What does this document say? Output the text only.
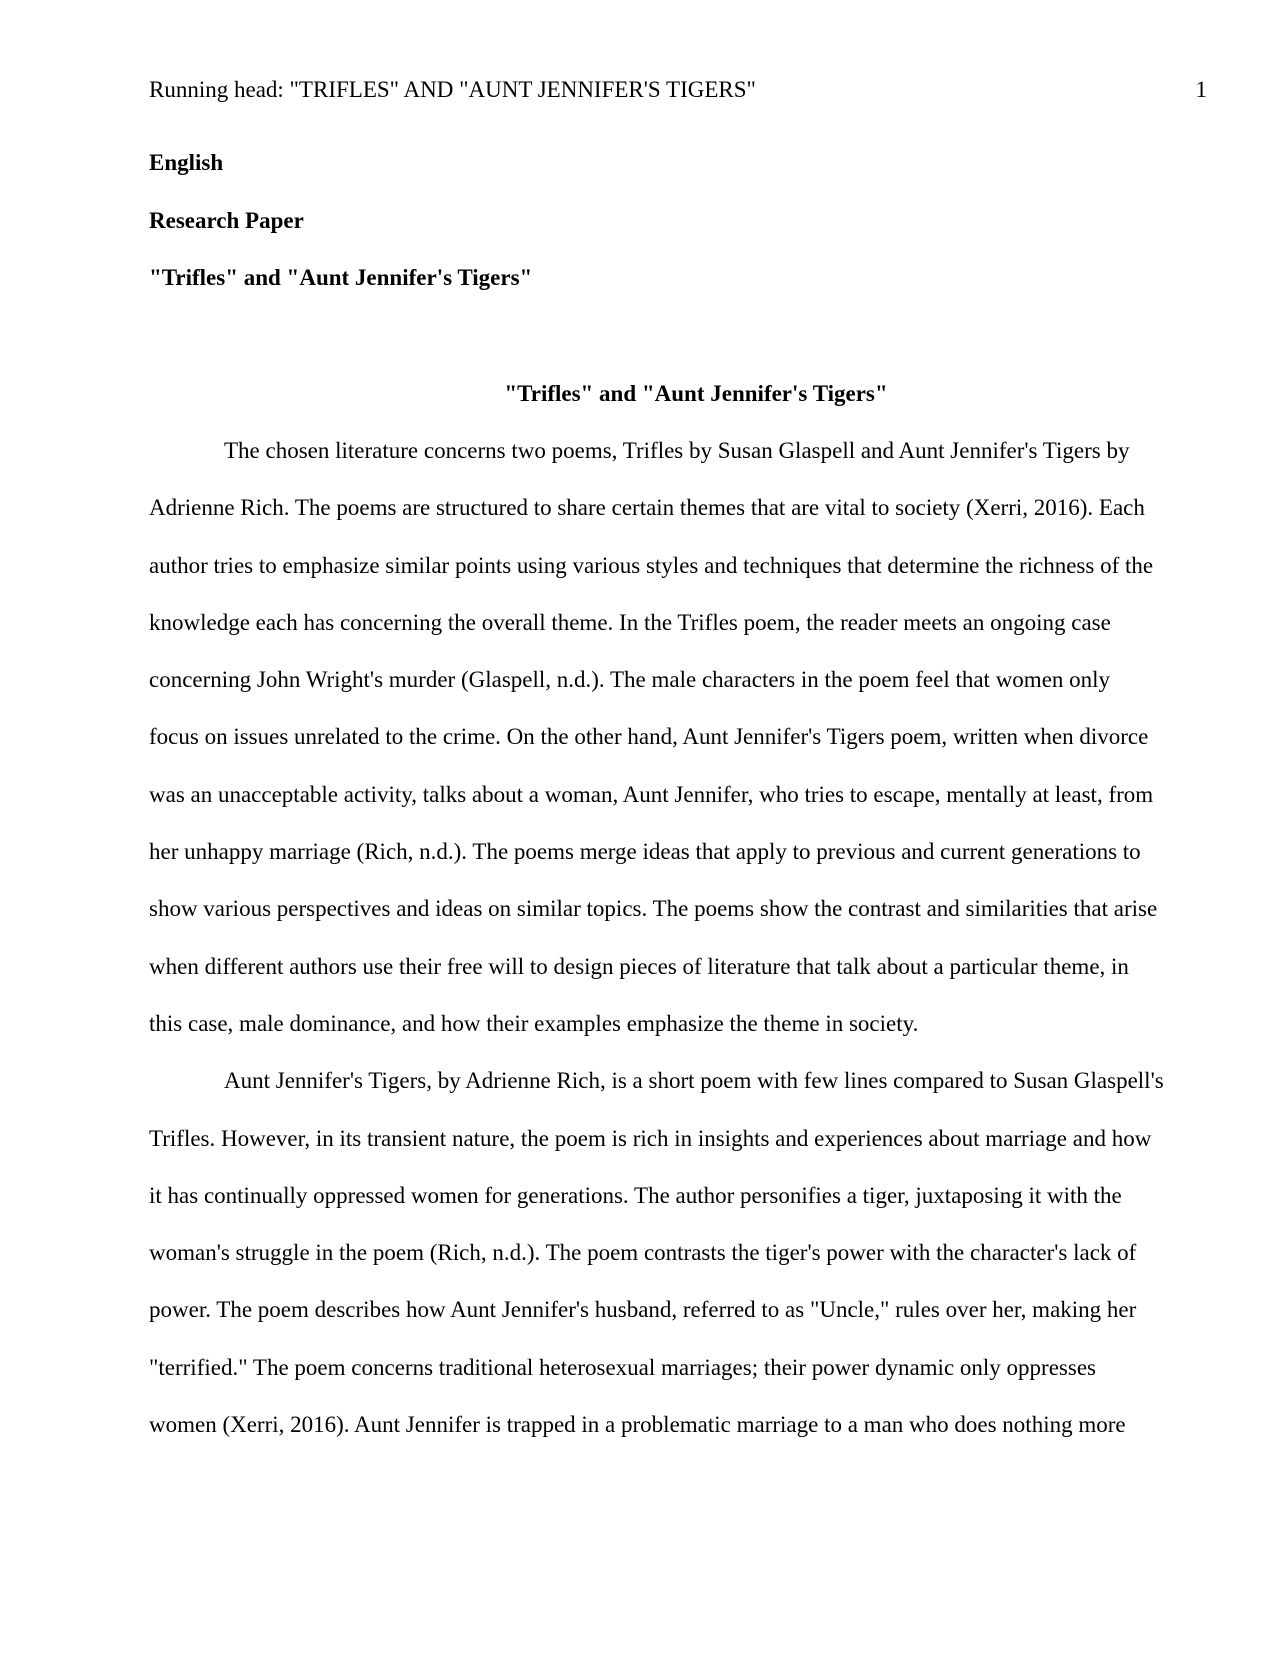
Running head: "TRIFLES" AND "AUNT JENNIFER'S TIGERS"	1
English
Research Paper
"Trifles" and "Aunt Jennifer's Tigers"
"Trifles" and "Aunt Jennifer's Tigers"
The chosen literature concerns two poems, Trifles by Susan Glaspell and Aunt Jennifer's Tigers by
Adrienne Rich. The poems are structured to share certain themes that are vital to society (Xerri, 2016). Each
author tries to emphasize similar points using various styles and techniques that determine the richness of the
knowledge each has concerning the overall theme. In the Trifles poem, the reader meets an ongoing case
concerning John Wright's murder (Glaspell, n.d.). The male characters in the poem feel that women only
focus on issues unrelated to the crime. On the other hand, Aunt Jennifer's Tigers poem, written when divorce
was an unacceptable activity, talks about a woman, Aunt Jennifer, who tries to escape, mentally at least, from
her unhappy marriage (Rich, n.d.). The poems merge ideas that apply to previous and current generations to
show various perspectives and ideas on similar topics. The poems show the contrast and similarities that arise
when different authors use their free will to design pieces of literature that talk about a particular theme, in
this case, male dominance, and how their examples emphasize the theme in society.
Aunt Jennifer's Tigers, by Adrienne Rich, is a short poem with few lines compared to Susan Glaspell's
Trifles. However, in its transient nature, the poem is rich in insights and experiences about marriage and how
it has continually oppressed women for generations. The author personifies a tiger, juxtaposing it with the
woman's struggle in the poem (Rich, n.d.). The poem contrasts the tiger's power with the character's lack of
power. The poem describes how Aunt Jennifer's husband, referred to as "Uncle," rules over her, making her
"terrified." The poem concerns traditional heterosexual marriages; their power dynamic only oppresses
women (Xerri, 2016). Aunt Jennifer is trapped in a problematic marriage to a man who does nothing more
